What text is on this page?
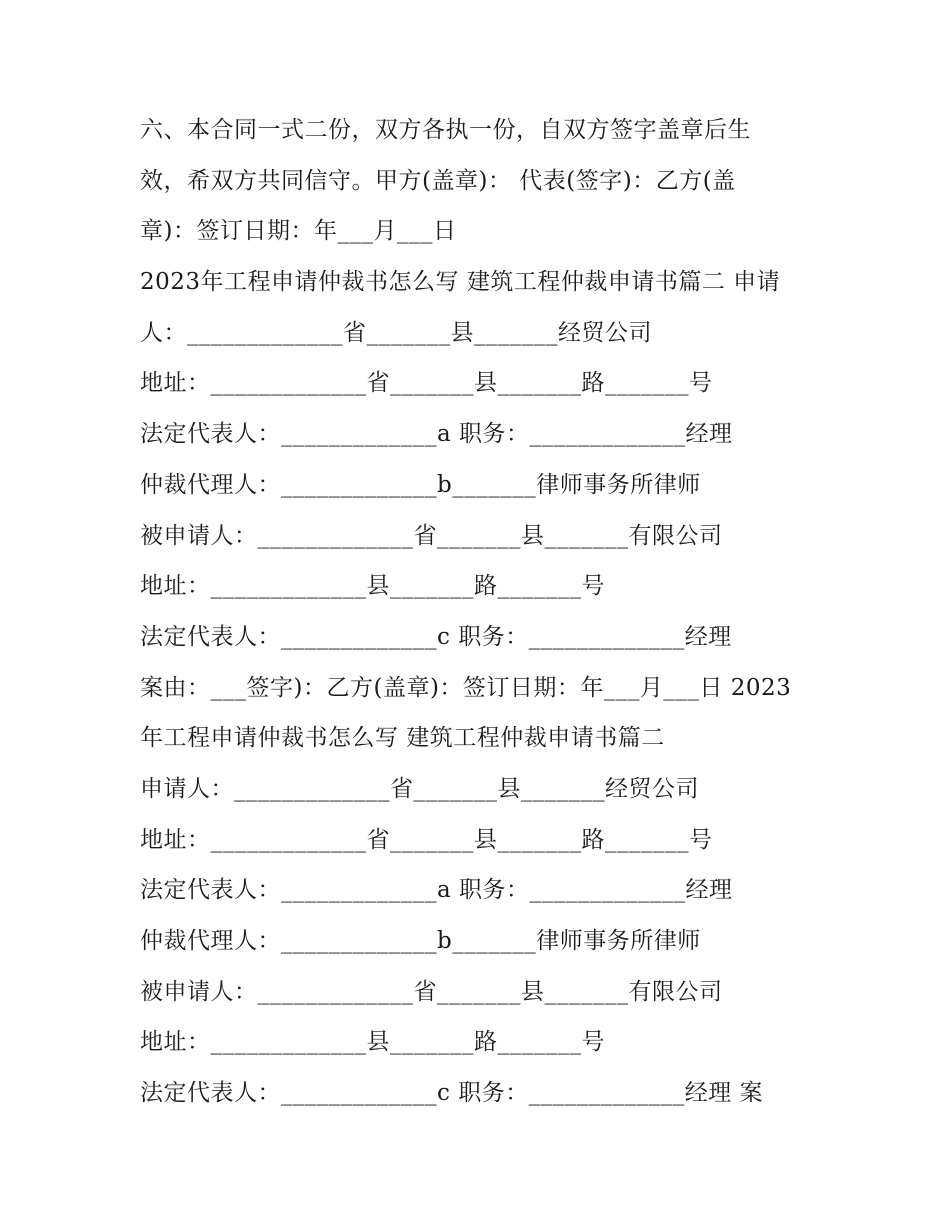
六、本合同一式二份，双方各执一份，自双方签字盖章后生
效，希双方共同信守。甲方(盖章)： 代表(签字)：乙方(盖
章)：签订日期：年___月___日
2023年工程申请仲裁书怎么写 建筑工程仲裁申请书篇二 申请
人：_____________省_______县_______经贸公司
地址：_____________省_______县_______路_______号
法定代表人：_____________a 职务：_____________经理
仲裁代理人：_____________b_______律师事务所律师
被申请人：_____________省_______县_______有限公司
地址：_____________县_______路_______号
法定代表人：_____________c 职务：_____________经理
案由：___签字)：乙方(盖章)：签订日期：年___月___日 2023
年工程申请仲裁书怎么写 建筑工程仲裁申请书篇二
申请人：_____________省_______县_______经贸公司
地址：_____________省_______县_______路_______号
法定代表人：_____________a 职务：_____________经理
仲裁代理人：_____________b_______律师事务所律师
被申请人：_____________省_______县_______有限公司
地址：_____________县_______路_______号
法定代表人：_____________c 职务：_____________经理 案
